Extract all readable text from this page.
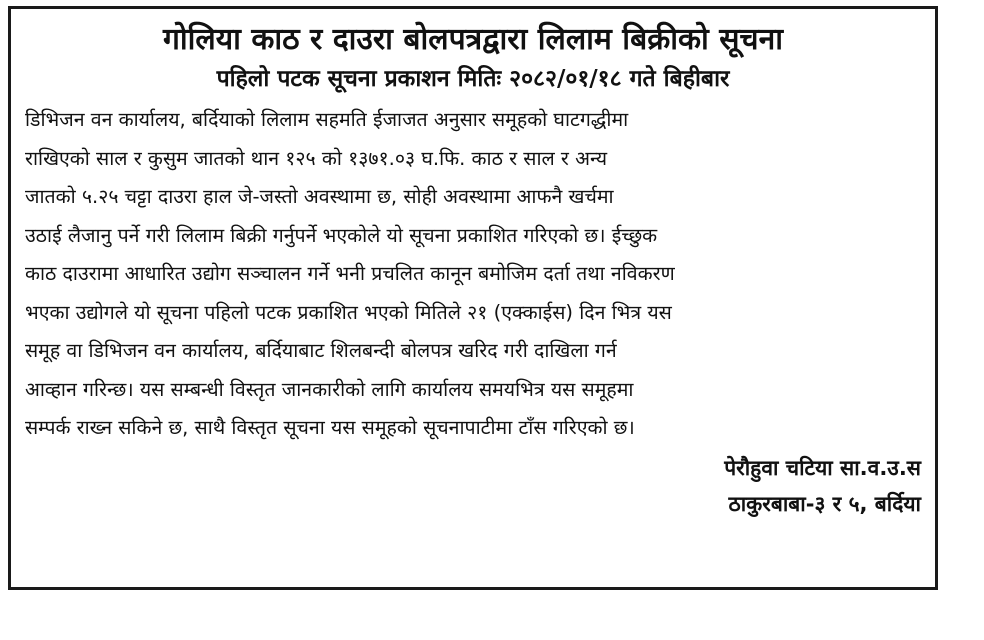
गोलिया काठ र दाउरा बोलपत्रद्वारा लिलाम बिक्रीको सूचना
पहिलो पटक सूचना प्रकाशन मितिः २०८२/०१/१८ गते बिहीबार

डिभिजन वन कार्यालय, बर्दियाको लिलाम सहमति ईजाजत अनुसार समूहको घाटगद्धीमा
राखिएको साल र कुसुम जातको थान १२५ को १३७१.०३ घ.फि. काठ र साल र अन्य
जातको ५.२५ चट्टा दाउरा हाल जे-जस्तो अवस्थामा छ, सोही अवस्थामा आफनै खर्चमा
उठाई लैजानु पर्ने गरी लिलाम बिक्री गर्नुपर्ने भएकोले यो सूचना प्रकाशित गरिएको छ। ईच्छुक
काठ दाउरामा आधारित उद्योग सञ्चालन गर्ने भनी प्रचलित कानून बमोजिम दर्ता तथा नविकरण
भएका उद्योगले यो सूचना पहिलो पटक प्रकाशित भएको मितिले २१ (एक्काईस) दिन भित्र यस
समूह वा डिभिजन वन कार्यालय, बर्दियाबाट शिलबन्दी बोलपत्र खरिद गरी दाखिला गर्न
आव्हान गरिन्छ। यस सम्बन्धी विस्तृत जानकारीको लागि कार्यालय समयभित्र यस समूहमा
सम्पर्क राख्न सकिने छ, साथै विस्तृत सूचना यस समूहको सूचनापाटीमा टाँस गरिएको छ।

पेरौहुवा चटिया सा.व.उ.स
ठाकुरबाबा-३ र ५, बर्दिया
